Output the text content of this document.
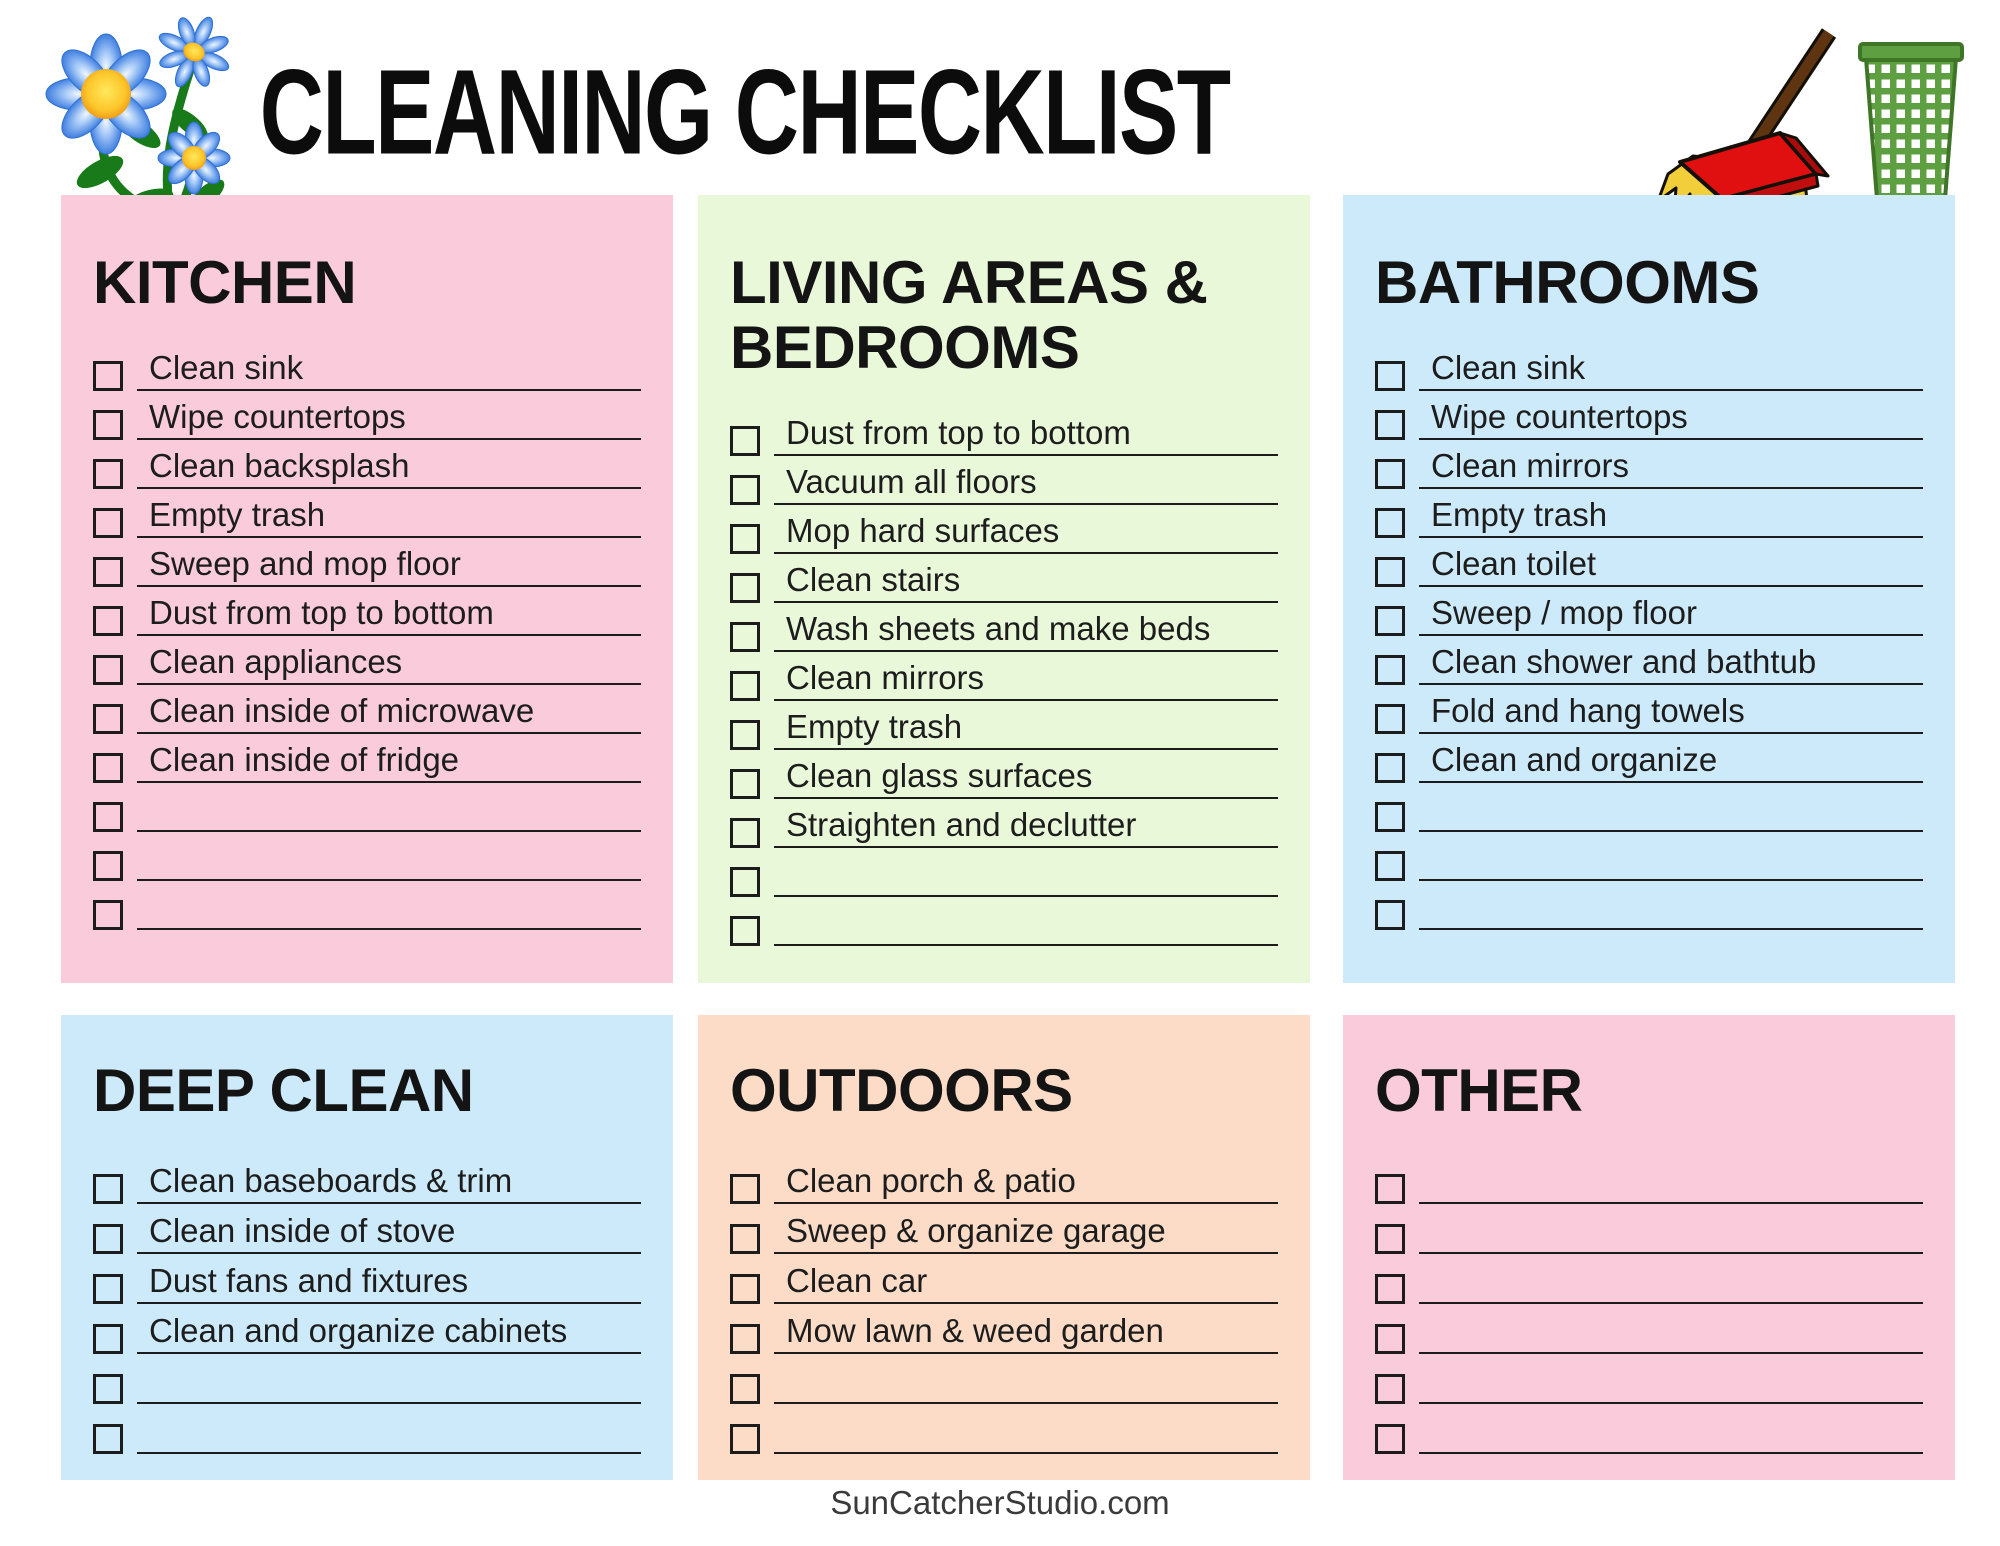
CLEANING CHECKLIST
KITCHEN
Clean sink
Wipe countertops
Clean backsplash
Empty trash
Sweep and mop floor
Dust from top to bottom
Clean appliances
Clean inside of microwave
Clean inside of fridge
LIVING AREAS & BEDROOMS
Dust from top to bottom
Vacuum all floors
Mop hard surfaces
Clean stairs
Wash sheets and make beds
Clean mirrors
Empty trash
Clean glass surfaces
Straighten and declutter
BATHROOMS
Clean sink
Wipe countertops
Clean mirrors
Empty trash
Clean toilet
Sweep / mop floor
Clean shower and bathtub
Fold and hang towels
Clean and organize
DEEP CLEAN
Clean baseboards & trim
Clean inside of stove
Dust fans and fixtures
Clean and organize cabinets
OUTDOORS
Clean porch & patio
Sweep & organize garage
Clean car
Mow lawn & weed garden
OTHER
SunCatcherStudio.com
